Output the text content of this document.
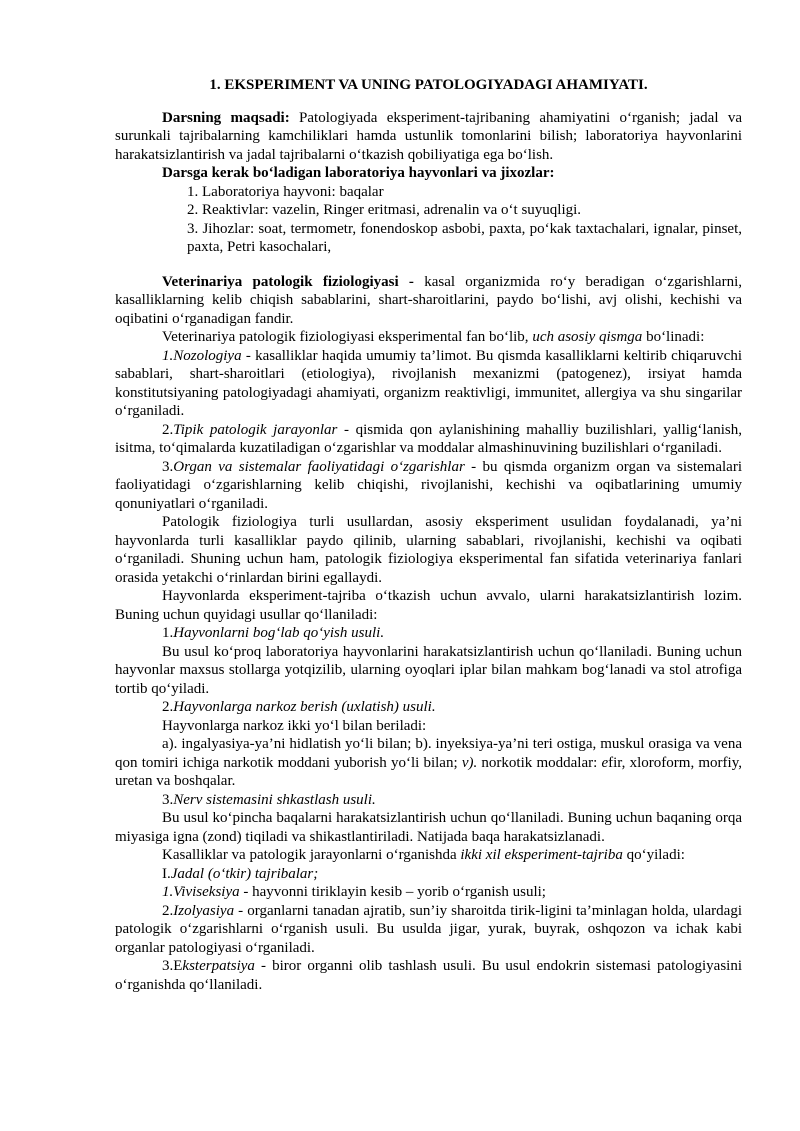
1. EKSPERIMENT VA UNING PATOLOGIYADAGI AHAMIYATI.

Darsning maqsadi: Patologiyada eksperiment-tajribaning ahamiyatini o‘rganish; jadal va surunkali tajribalarning kamchiliklari hamda ustunlik tomonlarini bilish; laboratoriya hayvonlarini harakatsizlantirish va jadal tajribalarni o‘tkazish qobiliyatiga ega bo‘lish.

Darsga kerak bo‘ladigan laboratoriya hayvonlari va jixozlar:

1. Laboratoriya hayvoni: baqalar

2. Reaktivlar: vazelin, Ringer eritmasi, adrenalin va o‘t suyuqligi.

3. Jihozlar: soat, termometr, fonendoskop asbobi, paxta, po‘kak taxtachalari, ignalar, pinset, paxta, Petri kasochalari,

Veterinariya patologik fiziologiyasi - kasal organizmida ro‘y beradigan o‘zgarishlarni, kasalliklarning kelib chiqish sabablarini, shart-sharoitlarini, paydo bo‘lishi, avj olishi, kechishi va oqibatini o‘rganadigan fandir.

Veterinariya patologik fiziologiyasi eksperimental fan bo‘lib, uch asosiy qismga bo‘linadi:

1.Nozologiya - kasalliklar haqida umumiy ta’limot. Bu qismda kasalliklarni keltirib chiqaruvchi sabablari, shart-sharoitlari (etiologiya), rivojlanish mexanizmi (patogenez), irsiyat hamda konstitutsiyaning patologiyadagi ahamiyati, organizm reaktivligi, immunitet, allergiya va shu singarilar o‘rganiladi.

2.Tipik patologik jarayonlar - qismida qon aylanishining mahalliy buzilishlari, yallig‘lanish, isitma, to‘qimalarda kuzatiladigan o‘zgarishlar va moddalar almashinuvining buzilishlari o‘rganiladi.

3.Organ va sistemalar faoliyatidagi o‘zgarishlar - bu qismda organizm organ va sistemalari faoliyatidagi o‘zgarishlarning kelib chiqishi, rivojlanishi, kechishi va oqibatlarining umumiy qonuniyatlari o‘rganiladi.

Patologik fiziologiya turli usullardan, asosiy eksperiment usulidan foydalanadi, ya’ni hayvonlarda turli kasalliklar paydo qilinib, ularning sabablari, rivojlanishi, kechishi va oqibati o‘rganiladi. Shuning uchun ham, patologik fiziologiya eksperimental fan sifatida veterinariya fanlari orasida yetakchi o‘rinlardan birini egallaydi.

Hayvonlarda eksperiment-tajriba o‘tkazish uchun avvalo, ularni harakatsizlantirish lozim. Buning uchun quyidagi usullar qo‘llaniladi:

1.Hayvonlarni bog‘lab qo‘yish usuli.

Bu usul ko‘proq laboratoriya hayvonlarini harakatsizlantirish uchun qo‘llaniladi. Buning uchun hayvonlar maxsus stollarga yotqizilib, ularning oyoqlari iplar bilan mahkam bog‘lanadi va stol atrofiga tortib qo‘yiladi.

2.Hayvonlarga narkoz berish (uxlatish) usuli.

Hayvonlarga narkoz ikki yo‘l bilan beriladi:

a). ingalyasiya-ya’ni hidlatish yo‘li bilan; b). inyeksiya-ya’ni teri ostiga, muskul orasiga va vena qon tomiri ichiga narkotik moddani yuborish yo‘li bilan; v). norkotik moddalar: efir, xloroform, morfiy, uretan va boshqalar.

3.Nerv sistemasini shkastlash usuli.

Bu usul ko‘pincha baqalarni harakatsizlantirish uchun qo‘llaniladi. Buning uchun baqaning orqa miyasiga igna (zond) tiqiladi va shikastlantiriladi. Natijada baqa harakatsizlanadi.

Kasalliklar va patologik jarayonlarni o‘rganishda ikki xil eksperiment-tajriba qo‘yiladi:

I.Jadal (o‘tkir) tajribalar;

1.Viviseksiya - hayvonni tiriklayin kesib – yorib o‘rganish usuli;

2.Izolyasiya - organlarni tanadan ajratib, sun’iy sharoitda tirik-ligini ta’minlagan holda, ulardagi patologik o‘zgarishlarni o‘rganish usuli. Bu usulda jigar, yurak, buyrak, oshqozon va ichak kabi organlar patologiyasi o‘rganiladi.

3.Eksterpatsiya - biror organni olib tashlash usuli. Bu usul endokrin sistemasi patologiyasini o‘rganishda qo‘llaniladi.
